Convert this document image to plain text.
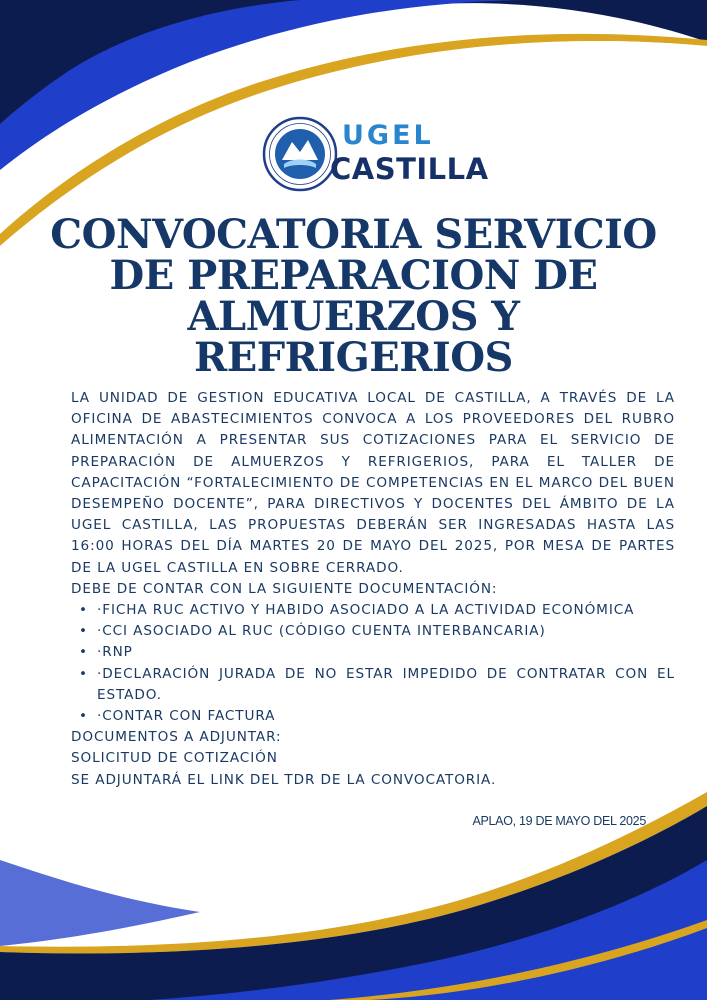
UGEL
CASTILLA
CONVOCATORIA SERVICIO DE PREPARACION DE ALMUERZOS Y REFRIGERIOS

LA UNIDAD DE GESTION EDUCATIVA LOCAL DE CASTILLA, A TRAVÉS DE LA OFICINA DE ABASTECIMIENTOS CONVOCA A LOS PROVEEDORES DEL RUBRO ALIMENTACIÓN A PRESENTAR SUS COTIZACIONES PARA EL SERVICIO DE PREPARACIÓN DE ALMUERZOS Y REFRIGERIOS, PARA EL TALLER DE CAPACITACIÓN “FORTALECIMIENTO DE COMPETENCIAS EN EL MARCO DEL BUEN DESEMPEÑO DOCENTE”, PARA DIRECTIVOS Y DOCENTES DEL ÁMBITO DE LA UGEL CASTILLA, LAS PROPUESTAS DEBERÁN SER INGRESADAS HASTA LAS 16:00 HORAS DEL DÍA MARTES 20 DE MAYO DEL 2025, POR MESA DE PARTES DE LA UGEL CASTILLA EN SOBRE CERRADO.

DEBE DE CONTAR CON LA SIGUIENTE DOCUMENTACIÓN:

• ·FICHA RUC ACTIVO Y HABIDO ASOCIADO A LA ACTIVIDAD ECONÓMICA
• ·CCI ASOCIADO AL RUC (CÓDIGO CUENTA INTERBANCARIA)
• ·RNP
• ·DECLARACIÓN JURADA DE NO ESTAR IMPEDIDO DE CONTRATAR CON EL ESTADO.
• ·CONTAR CON FACTURA

DOCUMENTOS A ADJUNTAR:

SOLICITUD DE COTIZACIÓN

SE ADJUNTARÁ EL LINK DEL TDR DE LA CONVOCATORIA.

APLAO, 19 DE MAYO DEL 2025
